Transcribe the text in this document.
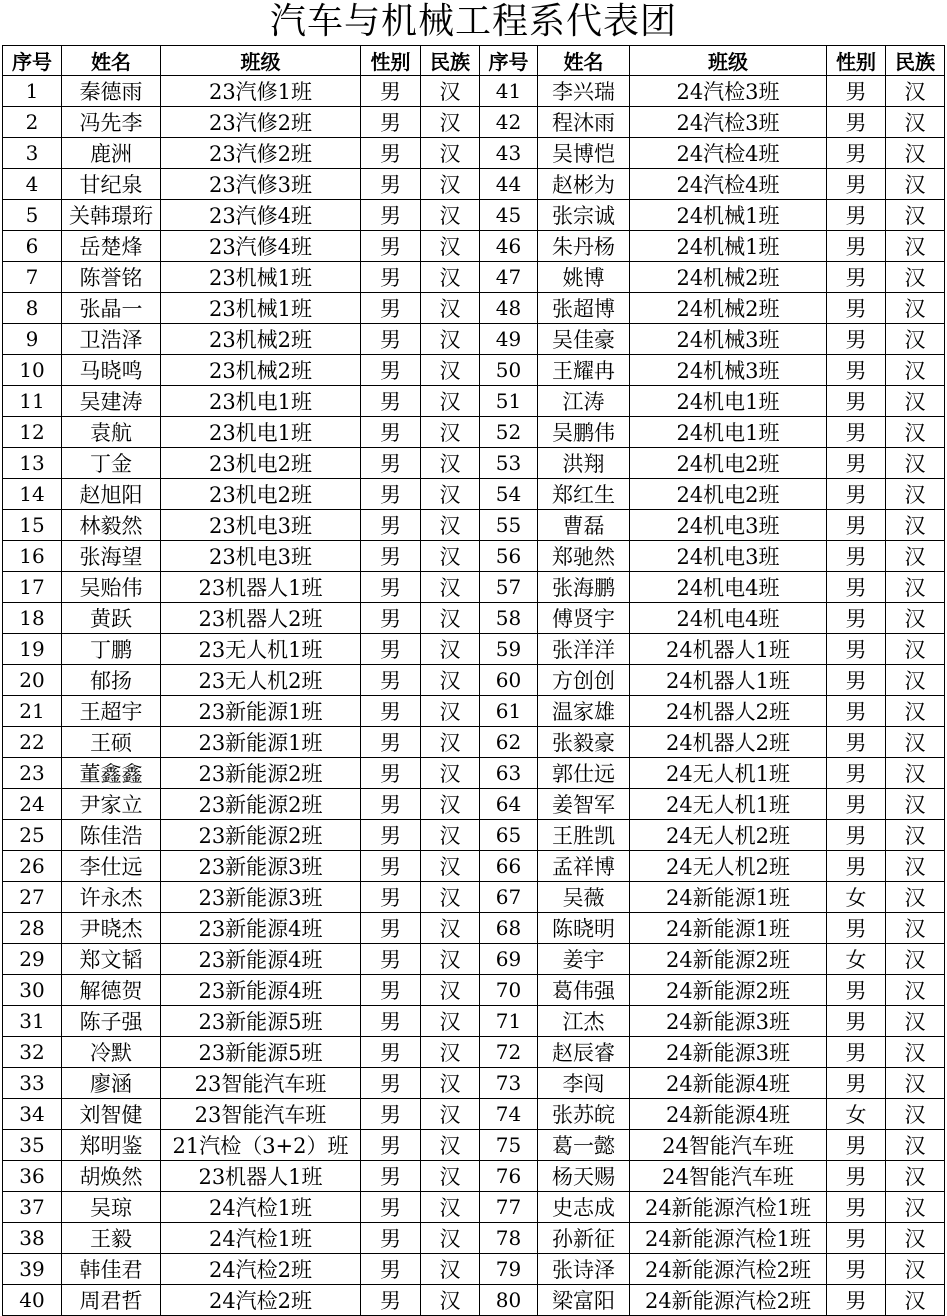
汽车与机械工程系代表团
序号	姓名	班级	性别	民族	序号	姓名	班级	性别	民族
1	秦德雨	23汽修1班	男	汉	41	李兴瑞	24汽检3班	男	汉
2	冯先李	23汽修2班	男	汉	42	程沐雨	24汽检3班	男	汉
3	鹿洲	23汽修2班	男	汉	43	吴博恺	24汽检4班	男	汉
4	甘纪泉	23汽修3班	男	汉	44	赵彬为	24汽检4班	男	汉
5	关韩璟珩	23汽修4班	男	汉	45	张宗诚	24机械1班	男	汉
6	岳楚烽	23汽修4班	男	汉	46	朱丹杨	24机械1班	男	汉
7	陈誉铭	23机械1班	男	汉	47	姚博	24机械2班	男	汉
8	张晶一	23机械1班	男	汉	48	张超博	24机械2班	男	汉
9	卫浩泽	23机械2班	男	汉	49	吴佳豪	24机械3班	男	汉
10	马晓鸣	23机械2班	男	汉	50	王耀冉	24机械3班	男	汉
11	吴建涛	23机电1班	男	汉	51	江涛	24机电1班	男	汉
12	袁航	23机电1班	男	汉	52	吴鹏伟	24机电1班	男	汉
13	丁金	23机电2班	男	汉	53	洪翔	24机电2班	男	汉
14	赵旭阳	23机电2班	男	汉	54	郑红生	24机电2班	男	汉
15	林毅然	23机电3班	男	汉	55	曹磊	24机电3班	男	汉
16	张海望	23机电3班	男	汉	56	郑驰然	24机电3班	男	汉
17	吴贻伟	23机器人1班	男	汉	57	张海鹏	24机电4班	男	汉
18	黄跃	23机器人2班	男	汉	58	傅贤宇	24机电4班	男	汉
19	丁鹏	23无人机1班	男	汉	59	张洋洋	24机器人1班	男	汉
20	郁扬	23无人机2班	男	汉	60	方创创	24机器人1班	男	汉
21	王超宇	23新能源1班	男	汉	61	温家雄	24机器人2班	男	汉
22	王硕	23新能源1班	男	汉	62	张毅豪	24机器人2班	男	汉
23	董鑫鑫	23新能源2班	男	汉	63	郭仕远	24无人机1班	男	汉
24	尹家立	23新能源2班	男	汉	64	姜智军	24无人机1班	男	汉
25	陈佳浩	23新能源2班	男	汉	65	王胜凯	24无人机2班	男	汉
26	李仕远	23新能源3班	男	汉	66	孟祥博	24无人机2班	男	汉
27	许永杰	23新能源3班	男	汉	67	吴薇	24新能源1班	女	汉
28	尹晓杰	23新能源4班	男	汉	68	陈晓明	24新能源1班	男	汉
29	郑文韬	23新能源4班	男	汉	69	姜宇	24新能源2班	女	汉
30	解德贺	23新能源4班	男	汉	70	葛伟强	24新能源2班	男	汉
31	陈子强	23新能源5班	男	汉	71	江杰	24新能源3班	男	汉
32	冷默	23新能源5班	男	汉	72	赵辰睿	24新能源3班	男	汉
33	廖涵	23智能汽车班	男	汉	73	李闯	24新能源4班	男	汉
34	刘智健	23智能汽车班	男	汉	74	张苏皖	24新能源4班	女	汉
35	郑明鉴	21汽检（3+2）班	男	汉	75	葛一懿	24智能汽车班	男	汉
36	胡焕然	23机器人1班	男	汉	76	杨天赐	24智能汽车班	男	汉
37	吴琼	24汽检1班	男	汉	77	史志成	24新能源汽检1班	男	汉
38	王毅	24汽检1班	男	汉	78	孙新征	24新能源汽检1班	男	汉
39	韩佳君	24汽检2班	男	汉	79	张诗泽	24新能源汽检2班	男	汉
40	周君哲	24汽检2班	男	汉	80	梁富阳	24新能源汽检2班	男	汉
